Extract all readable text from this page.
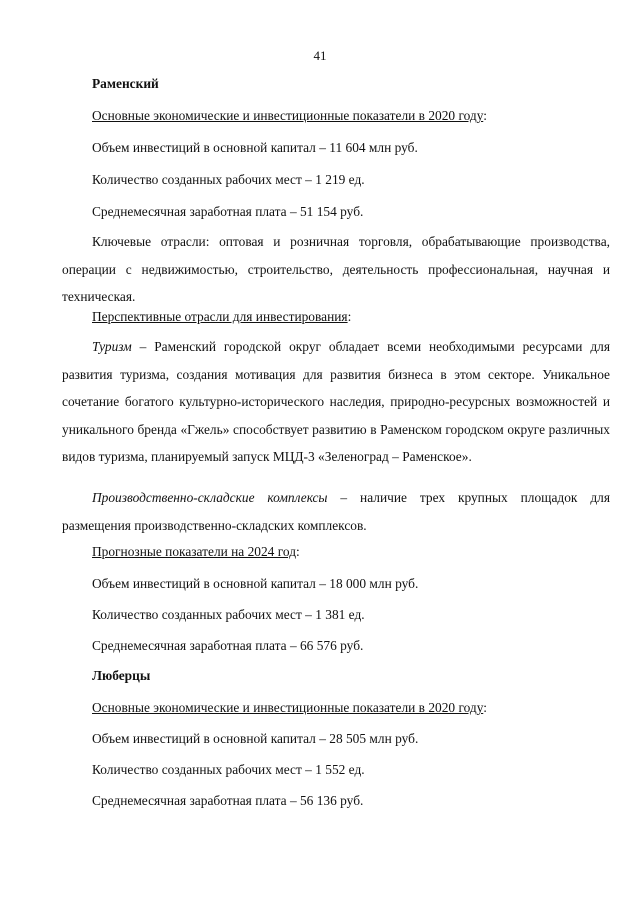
41
Раменский
Основные экономические и инвестиционные показатели в 2020 году:
Объем инвестиций в основной капитал – 11 604 млн руб.
Количество созданных рабочих мест – 1 219 ед.
Среднемесячная заработная плата – 51 154 руб.
Ключевые отрасли: оптовая и розничная торговля, обрабатывающие производства, операции с недвижимостью, строительство, деятельность профессиональная, научная и техническая.
Перспективные отрасли для инвестирования:
Туризм – Раменский городской округ обладает всеми необходимыми ресурсами для развития туризма, создания мотивация для развития бизнеса в этом секторе. Уникальное сочетание богатого культурно-исторического наследия, природно-ресурсных возможностей и уникального бренда «Гжель» способствует развитию в Раменском городском округе различных видов туризма, планируемый запуск МЦД-3 «Зеленоград – Раменское».
Производственно-складские комплексы – наличие трех крупных площадок для размещения производственно-складских комплексов.
Прогнозные показатели на 2024 год:
Объем инвестиций в основной капитал – 18 000 млн руб.
Количество созданных рабочих мест – 1 381 ед.
Среднемесячная заработная плата – 66 576 руб.
Люберцы
Основные экономические и инвестиционные показатели в 2020 году:
Объем инвестиций в основной капитал – 28 505 млн руб.
Количество созданных рабочих мест – 1 552 ед.
Среднемесячная заработная плата – 56 136 руб.
